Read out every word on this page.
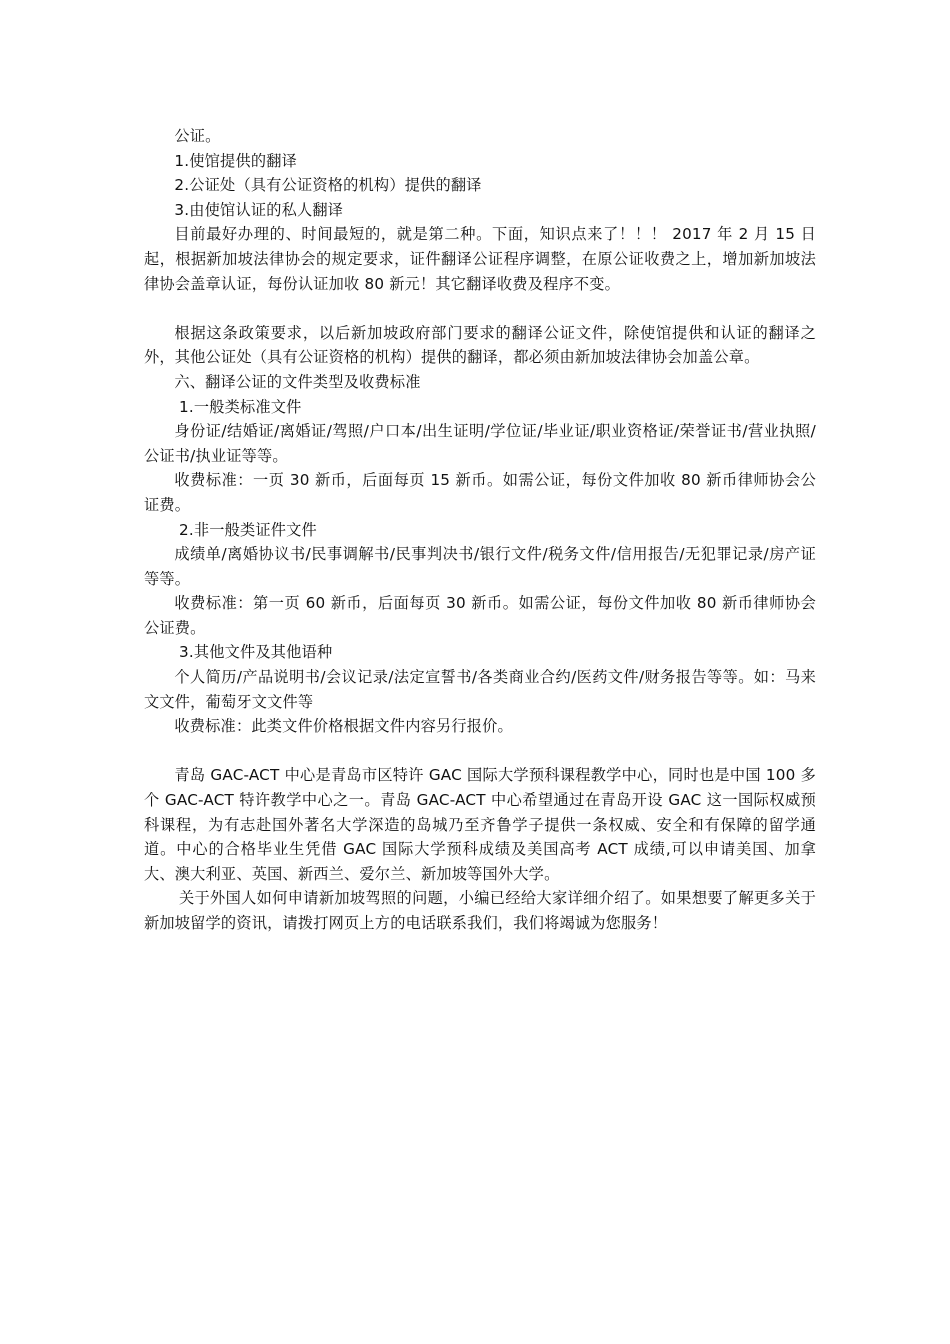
公证。

1.使馆提供的翻译

2.公证处（具有公证资格的机构）提供的翻译

3.由使馆认证的私人翻译

目前最好办理的、时间最短的，就是第二种。下面，知识点来了！！！ 2017 年 2 月 15 日起，根据新加坡法律协会的规定要求，证件翻译公证程序调整，在原公证收费之上，增加新加坡法律协会盖章认证，每份认证加收 80 新元！其它翻译收费及程序不变。

根据这条政策要求，以后新加坡政府部门要求的翻译公证文件，除使馆提供和认证的翻译之外，其他公证处（具有公证资格的机构）提供的翻译，都必须由新加坡法律协会加盖公章。

六、翻译公证的文件类型及收费标准

1.一般类标准文件

身份证/结婚证/离婚证/驾照/户口本/出生证明/学位证/毕业证/职业资格证/荣誉证书/营业执照/公证书/执业证等等。

收费标准：一页 30 新币，后面每页 15 新币。如需公证，每份文件加收 80 新币律师协会公证费。

2.非一般类证件文件

成绩单/离婚协议书/民事调解书/民事判决书/银行文件/税务文件/信用报告/无犯罪记录/房产证等等。

收费标准：第一页 60 新币，后面每页 30 新币。如需公证，每份文件加收 80 新币律师协会公证费。

3.其他文件及其他语种

个人简历/产品说明书/会议记录/法定宣誓书/各类商业合约/医药文件/财务报告等等。如：马来文文件，葡萄牙文文件等

收费标准：此类文件价格根据文件内容另行报价。

青岛 GAC-ACT 中心是青岛市区特许 GAC 国际大学预科课程教学中心，同时也是中国 100 多个 GAC-ACT 特许教学中心之一。青岛 GAC-ACT 中心希望通过在青岛开设 GAC 这一国际权威预科课程，为有志赴国外著名大学深造的岛城乃至齐鲁学子提供一条权威、安全和有保障的留学通道。中心的合格毕业生凭借 GAC 国际大学预科成绩及美国高考 ACT 成绩,可以申请美国、加拿大、澳大利亚、英国、新西兰、爱尔兰、新加坡等国外大学。

关于外国人如何申请新加坡驾照的问题，小编已经给大家详细介绍了。如果想要了解更多关于新加坡留学的资讯，请拨打网页上方的电话联系我们，我们将竭诚为您服务！
